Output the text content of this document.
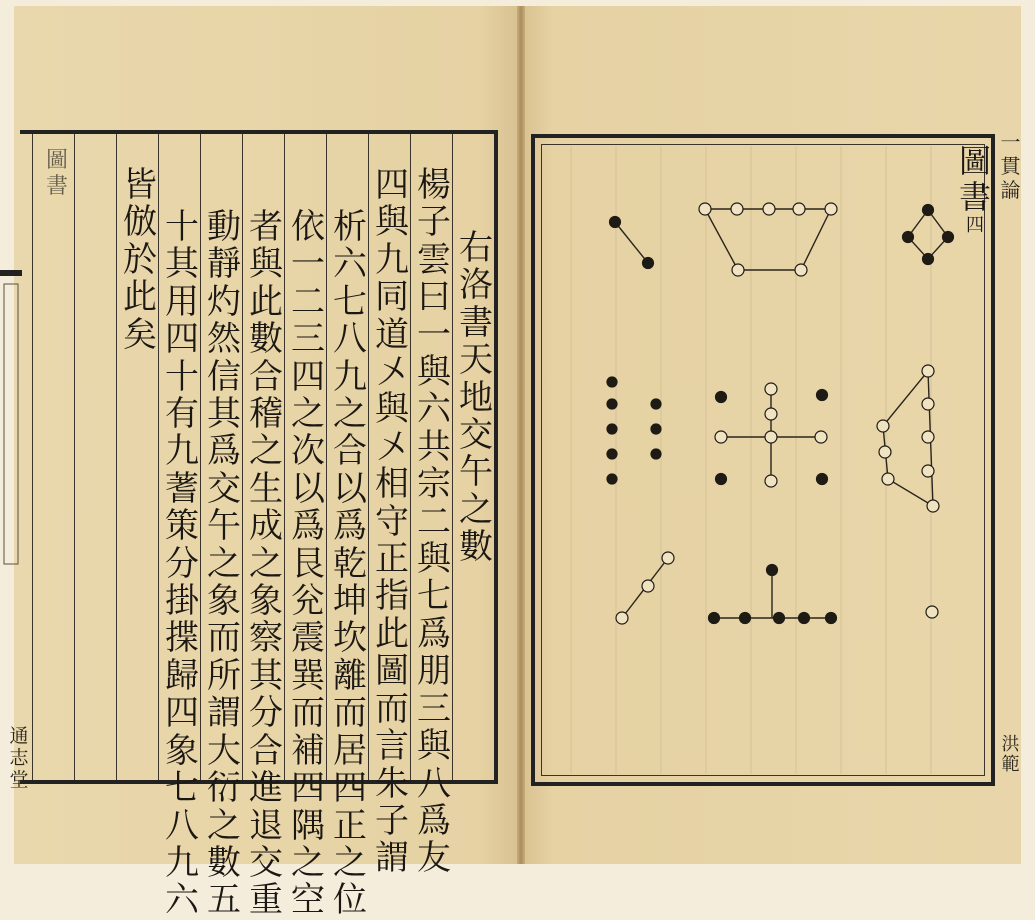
右洛書天地交午之數
楊子雲曰一與六共宗二與七爲朋三與八爲友
四與九同道〤與〤相守正指此圖而言朱子謂
析六七八九之合以爲乾坤坎離而居四正之位
依一二三四之次以爲艮兊震巽而補四隅之空
者與此數合稽之生成之象察其分合進退交重
動靜灼然信其爲交午之象而所謂大衍之數五
十其用四十有九蓍策分掛揲歸四象七八九六
皆倣於此矣
圖書
通志堂

圖書
四
一貫論
洪範
